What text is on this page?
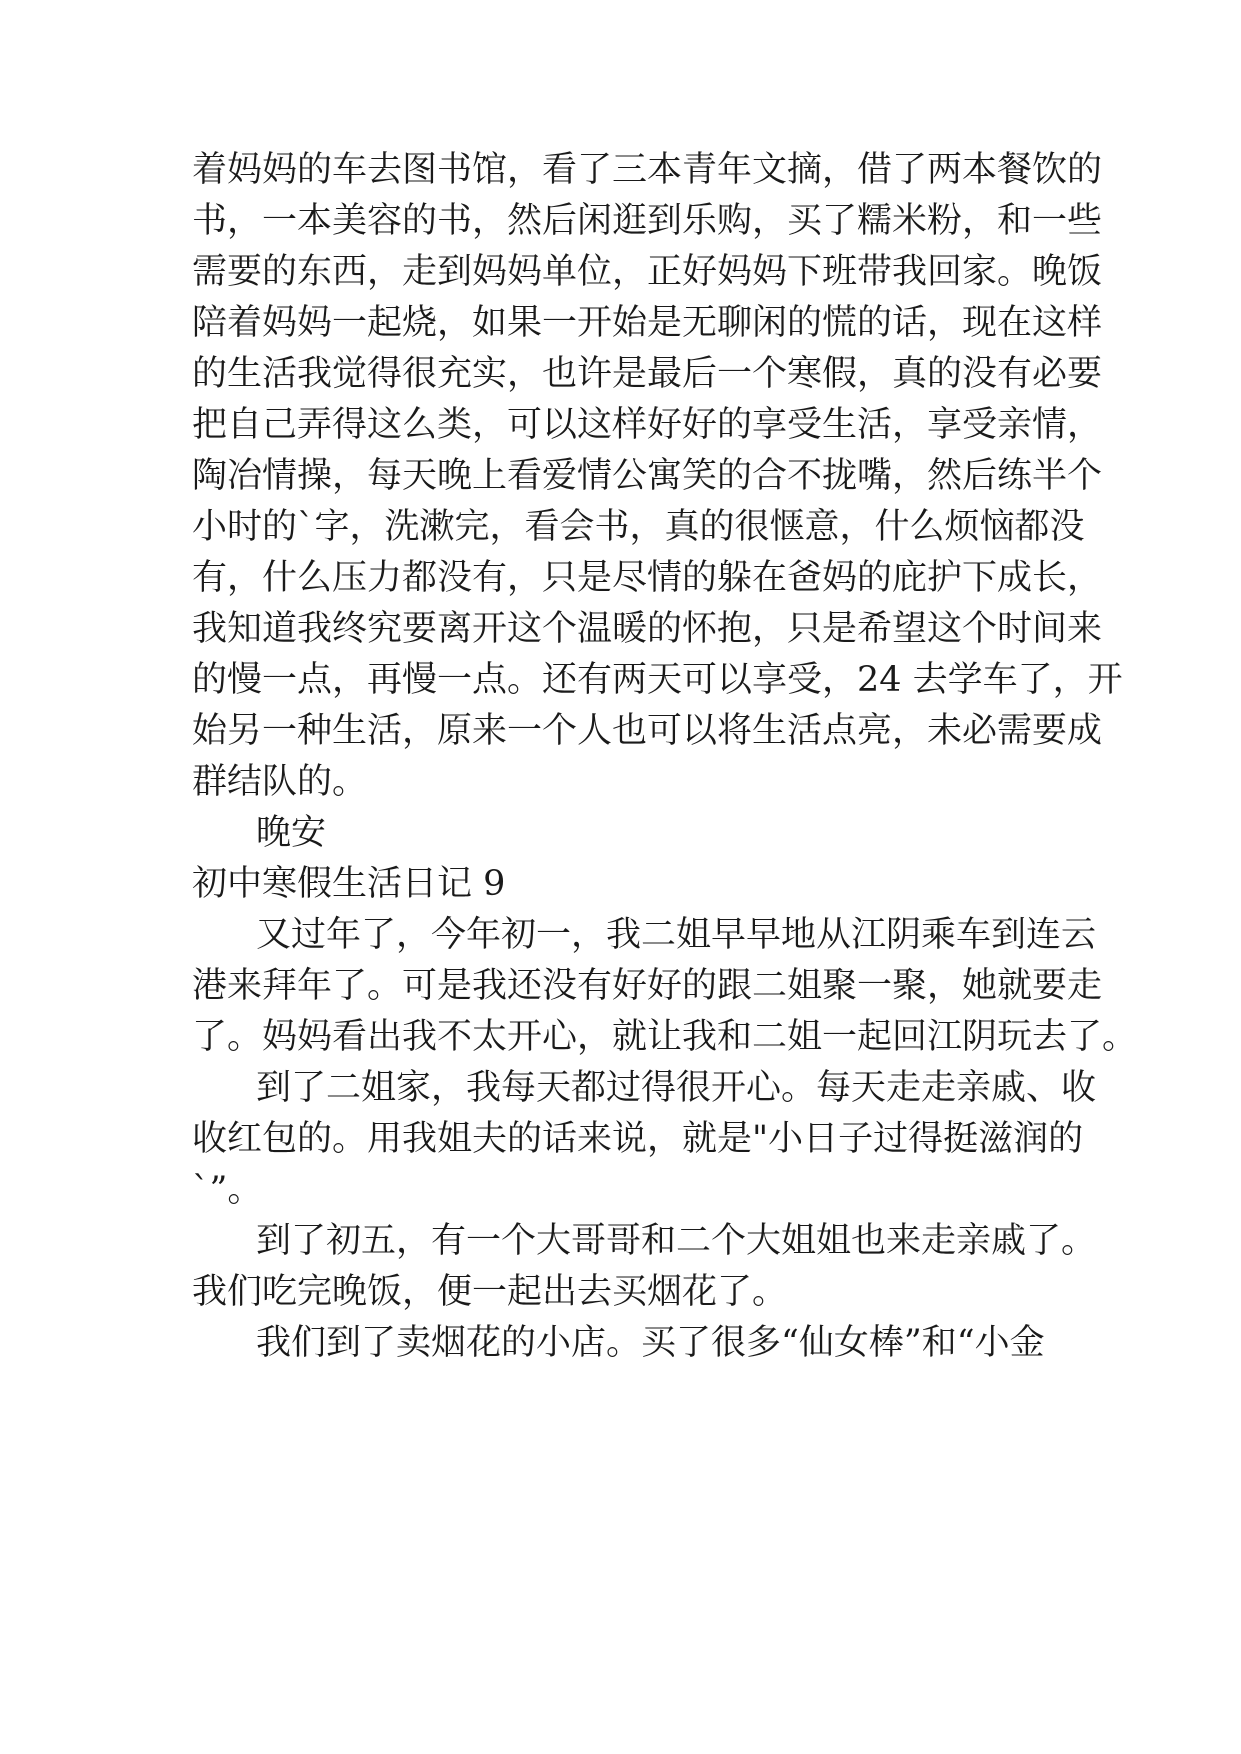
着妈妈的车去图书馆，看了三本青年文摘，借了两本餐饮的

书，一本美容的书，然后闲逛到乐购，买了糯米粉，和一些

需要的东西，走到妈妈单位，正好妈妈下班带我回家。晚饭

陪着妈妈一起烧，如果一开始是无聊闲的慌的话，现在这样

的生活我觉得很充实，也许是最后一个寒假，真的没有必要

把自己弄得这么类，可以这样好好的享受生活，享受亲情，

陶冶情操，每天晚上看爱情公寓笑的合不拢嘴，然后练半个

小时的`字，洗漱完，看会书，真的很惬意，什么烦恼都没

有，什么压力都没有，只是尽情的躲在爸妈的庇护下成长，

我知道我终究要离开这个温暖的怀抱，只是希望这个时间来

的慢一点，再慢一点。还有两天可以享受，24 去学车了，开

始另一种生活，原来一个人也可以将生活点亮，未必需要成

群结队的。

晚安

初中寒假生活日记 9

又过年了，今年初一，我二姐早早地从江阴乘车到连云

港来拜年了。可是我还没有好好的跟二姐聚一聚，她就要走

了。妈妈看出我不太开心，就让我和二姐一起回江阴玩去了。

到了二姐家，我每天都过得很开心。每天走走亲戚、收

收红包的。用我姐夫的话来说，就是"小日子过得挺滋润的

`”。

到了初五，有一个大哥哥和二个大姐姐也来走亲戚了。

我们吃完晚饭，便一起出去买烟花了。

我们到了卖烟花的小店。买了很多“仙女棒”和“小金
